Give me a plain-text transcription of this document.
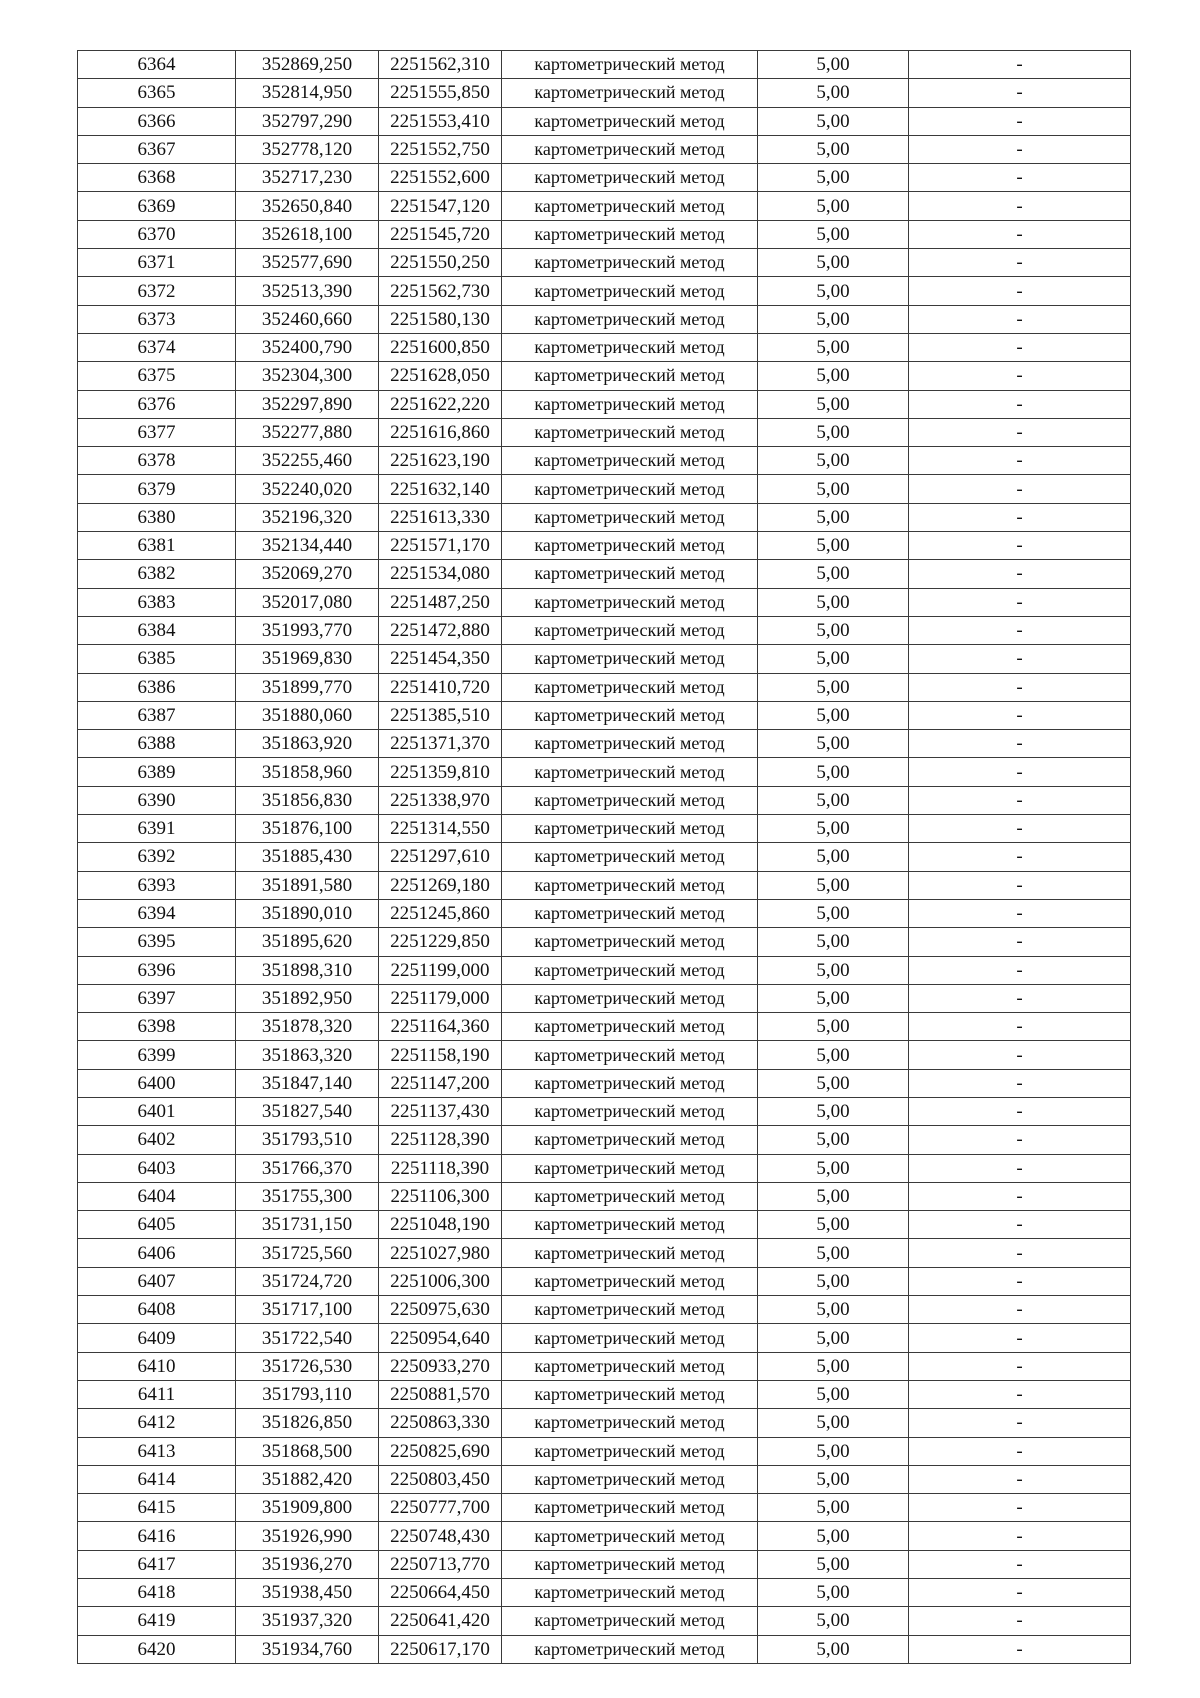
6364	352869,250	2251562,310	картометрический метод	5,00	-
6365	352814,950	2251555,850	картометрический метод	5,00	-
6366	352797,290	2251553,410	картометрический метод	5,00	-
6367	352778,120	2251552,750	картометрический метод	5,00	-
6368	352717,230	2251552,600	картометрический метод	5,00	-
6369	352650,840	2251547,120	картометрический метод	5,00	-
6370	352618,100	2251545,720	картометрический метод	5,00	-
6371	352577,690	2251550,250	картометрический метод	5,00	-
6372	352513,390	2251562,730	картометрический метод	5,00	-
6373	352460,660	2251580,130	картометрический метод	5,00	-
6374	352400,790	2251600,850	картометрический метод	5,00	-
6375	352304,300	2251628,050	картометрический метод	5,00	-
6376	352297,890	2251622,220	картометрический метод	5,00	-
6377	352277,880	2251616,860	картометрический метод	5,00	-
6378	352255,460	2251623,190	картометрический метод	5,00	-
6379	352240,020	2251632,140	картометрический метод	5,00	-
6380	352196,320	2251613,330	картометрический метод	5,00	-
6381	352134,440	2251571,170	картометрический метод	5,00	-
6382	352069,270	2251534,080	картометрический метод	5,00	-
6383	352017,080	2251487,250	картометрический метод	5,00	-
6384	351993,770	2251472,880	картометрический метод	5,00	-
6385	351969,830	2251454,350	картометрический метод	5,00	-
6386	351899,770	2251410,720	картометрический метод	5,00	-
6387	351880,060	2251385,510	картометрический метод	5,00	-
6388	351863,920	2251371,370	картометрический метод	5,00	-
6389	351858,960	2251359,810	картометрический метод	5,00	-
6390	351856,830	2251338,970	картометрический метод	5,00	-
6391	351876,100	2251314,550	картометрический метод	5,00	-
6392	351885,430	2251297,610	картометрический метод	5,00	-
6393	351891,580	2251269,180	картометрический метод	5,00	-
6394	351890,010	2251245,860	картометрический метод	5,00	-
6395	351895,620	2251229,850	картометрический метод	5,00	-
6396	351898,310	2251199,000	картометрический метод	5,00	-
6397	351892,950	2251179,000	картометрический метод	5,00	-
6398	351878,320	2251164,360	картометрический метод	5,00	-
6399	351863,320	2251158,190	картометрический метод	5,00	-
6400	351847,140	2251147,200	картометрический метод	5,00	-
6401	351827,540	2251137,430	картометрический метод	5,00	-
6402	351793,510	2251128,390	картометрический метод	5,00	-
6403	351766,370	2251118,390	картометрический метод	5,00	-
6404	351755,300	2251106,300	картометрический метод	5,00	-
6405	351731,150	2251048,190	картометрический метод	5,00	-
6406	351725,560	2251027,980	картометрический метод	5,00	-
6407	351724,720	2251006,300	картометрический метод	5,00	-
6408	351717,100	2250975,630	картометрический метод	5,00	-
6409	351722,540	2250954,640	картометрический метод	5,00	-
6410	351726,530	2250933,270	картометрический метод	5,00	-
6411	351793,110	2250881,570	картометрический метод	5,00	-
6412	351826,850	2250863,330	картометрический метод	5,00	-
6413	351868,500	2250825,690	картометрический метод	5,00	-
6414	351882,420	2250803,450	картометрический метод	5,00	-
6415	351909,800	2250777,700	картометрический метод	5,00	-
6416	351926,990	2250748,430	картометрический метод	5,00	-
6417	351936,270	2250713,770	картометрический метод	5,00	-
6418	351938,450	2250664,450	картометрический метод	5,00	-
6419	351937,320	2250641,420	картометрический метод	5,00	-
6420	351934,760	2250617,170	картометрический метод	5,00	-
